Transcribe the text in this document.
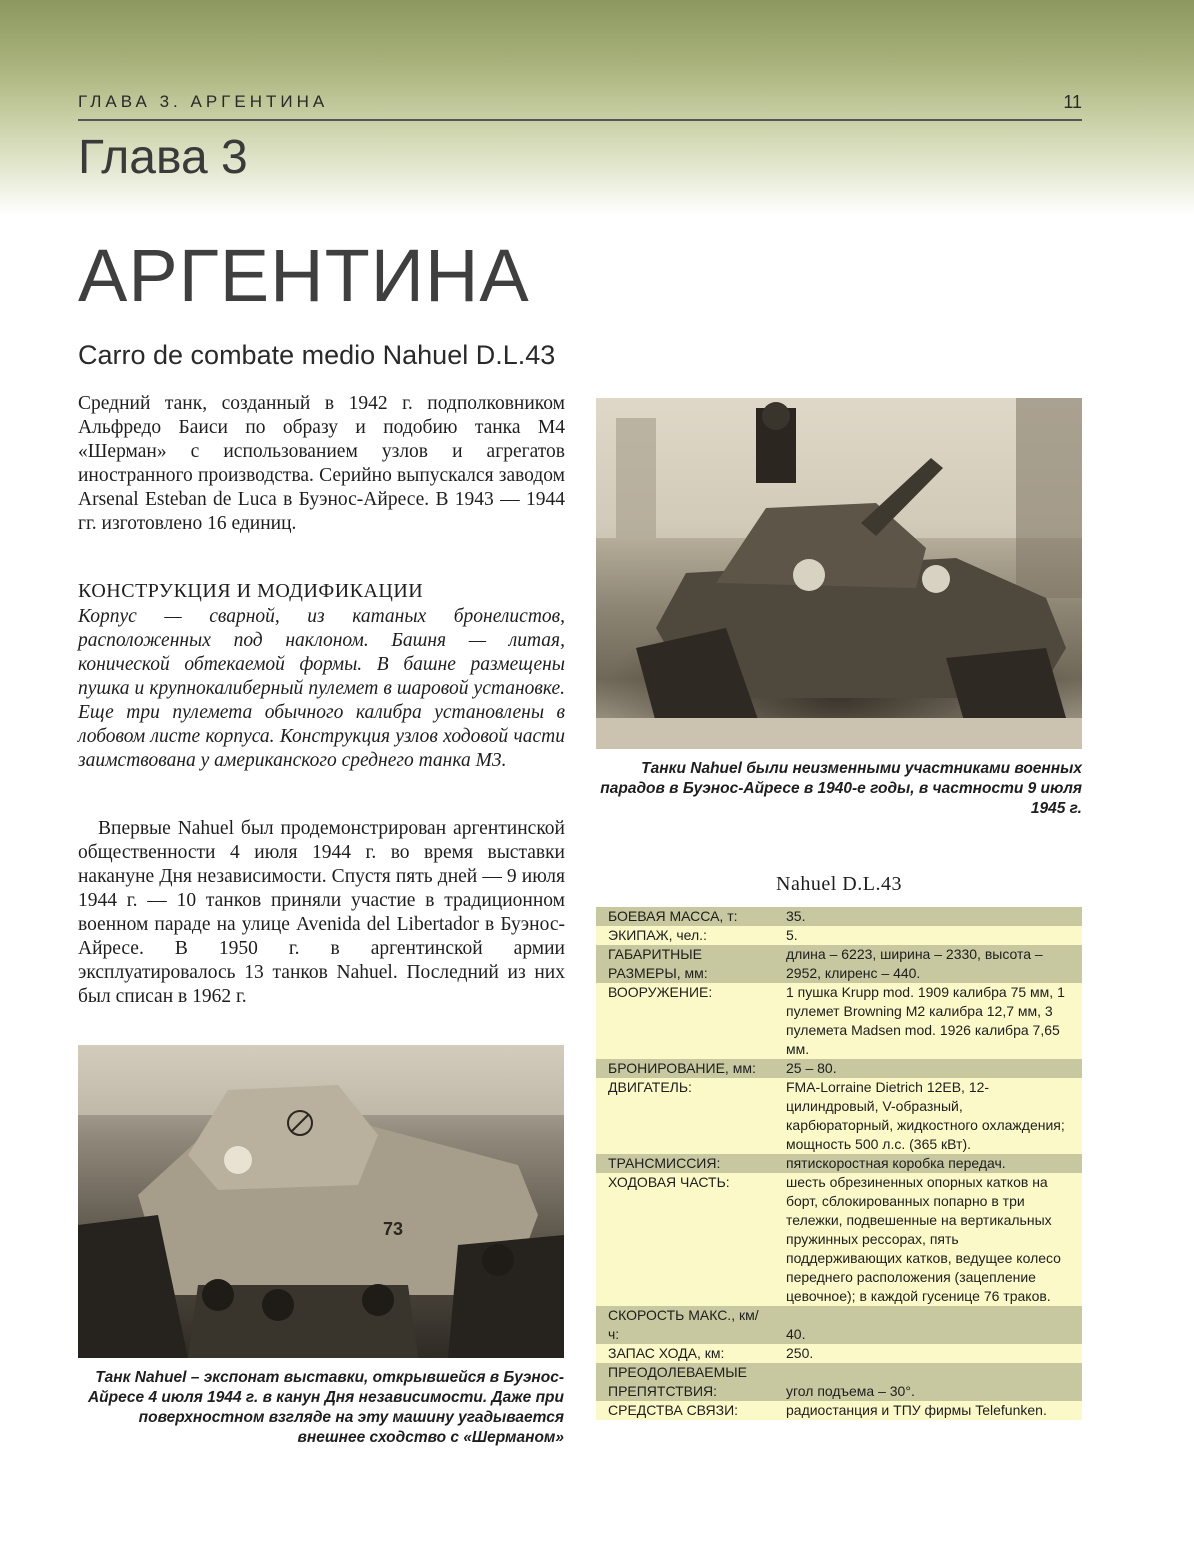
ГЛАВА 3. АРГЕНТИНА	11
Глава 3
АРГЕНТИНА
Carro de combate medio Nahuel D.L.43
Средний танк, созданный в 1942 г. подполковником Альфредо Баиси по образу и подобию танка М4 «Шерман» с использованием узлов и агрегатов иностранного производства. Серийно выпускался заводом Arsenal Esteban de Luca в Буэнос-Айресе. В 1943 — 1944 гг. изготовлено 16 единиц.
КОНСТРУКЦИЯ И МОДИФИКАЦИИ
Корпус — сварной, из катаных бронелистов, расположенных под наклоном. Башня — литая, конической обтекаемой формы. В башне размещены пушка и крупнокалиберный пулемет в шаровой установке. Еще три пулемета обычного калибра установлены в лобовом листе корпуса. Конструкция узлов ходовой части заимствована у американского среднего танка М3.
Впервые Nahuel был продемонстрирован аргентинской общественности 4 июля 1944 г. во время выставки накануне Дня независимости. Спустя пять дней — 9 июля 1944 г. — 10 танков приняли участие в традиционном военном параде на улице Avenida del Libertador в Буэнос-Айресе. В 1950 г. в аргентинской армии эксплуатировалось 13 танков Nahuel. Последний из них был списан в 1962 г.
Танки Nahuel были неизменными участниками военных парадов в Буэнос-Айресе в 1940-е годы, в частности 9 июля 1945 г.
Nahuel D.L.43
БОЕВАЯ МАССА, т:	35.
ЭКИПАЖ, чел.:	5.
ГАБАРИТНЫЕ РАЗМЕРЫ, мм:
длина – 6223, ширина – 2330, высота – 2952, клиренс – 440.
ВООРУЖЕНИЕ:	1 пушка Krupp mod. 1909 калибра 75 мм, 1 пулемет Browning M2 калибра 12,7 мм, 3 пулемета Madsen mod. 1926 калибра 7,65 мм.
БРОНИРОВАНИЕ, мм:	25 – 80.
ДВИГАТЕЛЬ:	FMA-Lorraine Dietrich 12EB, 12-цилиндровый, V-образный, карбюраторный, жидкостного охлаждения; мощность 500 л.с. (365 кВт).
ТРАНСМИССИЯ:	пятискоростная коробка передач.
ХОДОВАЯ ЧАСТЬ:	шесть обрезиненных опорных катков на борт, сблокированных попарно в три тележки, подвешенные на вертикальных пружинных рессорах, пять поддерживающих катков, ведущее колесо переднего расположения (зацепление цевочное); в каждой гусенице 76 траков.
СКОРОСТЬ МАКС., км/ч:	40.
ЗАПАС ХОДА, км:	250.
ПРЕОДОЛЕВАЕМЫЕ ПРЕПЯТСТВИЯ:	угол подъема – 30°.
СРЕДСТВА СВЯЗИ:	радиостанция и ТПУ фирмы Telefunken.
73
Танк Nahuel – экспонат выставки, открывшейся в Буэнос-Айресе 4 июля 1944 г. в канун Дня независимости. Даже при поверхностном взгляде на эту машину угадывается внешнее сходство с «Шерманом»
